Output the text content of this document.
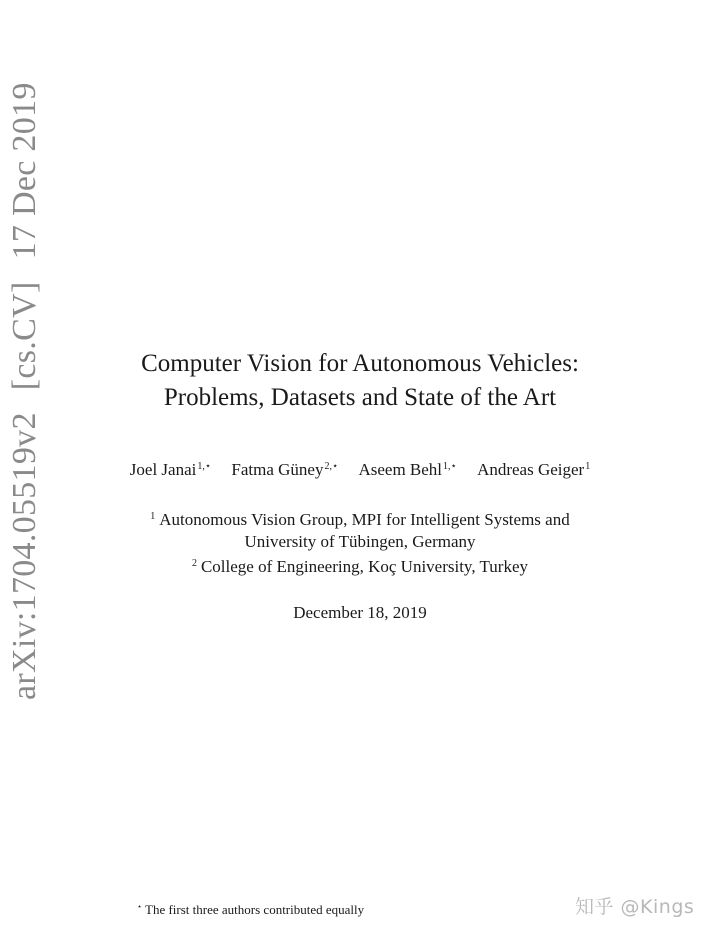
arXiv:1704.05519v2[cs.CV]17 Dec 2019
Computer Vision for Autonomous Vehicles:
Problems, Datasets and State of the Art
Joel Janai$^{1,⋆}$ Fatma Güney$^{2,⋆}$ Aseem Behl$^{1,⋆}$ Andreas Geiger$^1$
$^1$ Autonomous Vision Group, MPI for Intelligent Systems and
University of Tübingen, Germany
$^2$ College of Engineering, Koç University, Turkey
December 18, 2019
⋆ The first three authors contributed equally	知乎 @Kings
